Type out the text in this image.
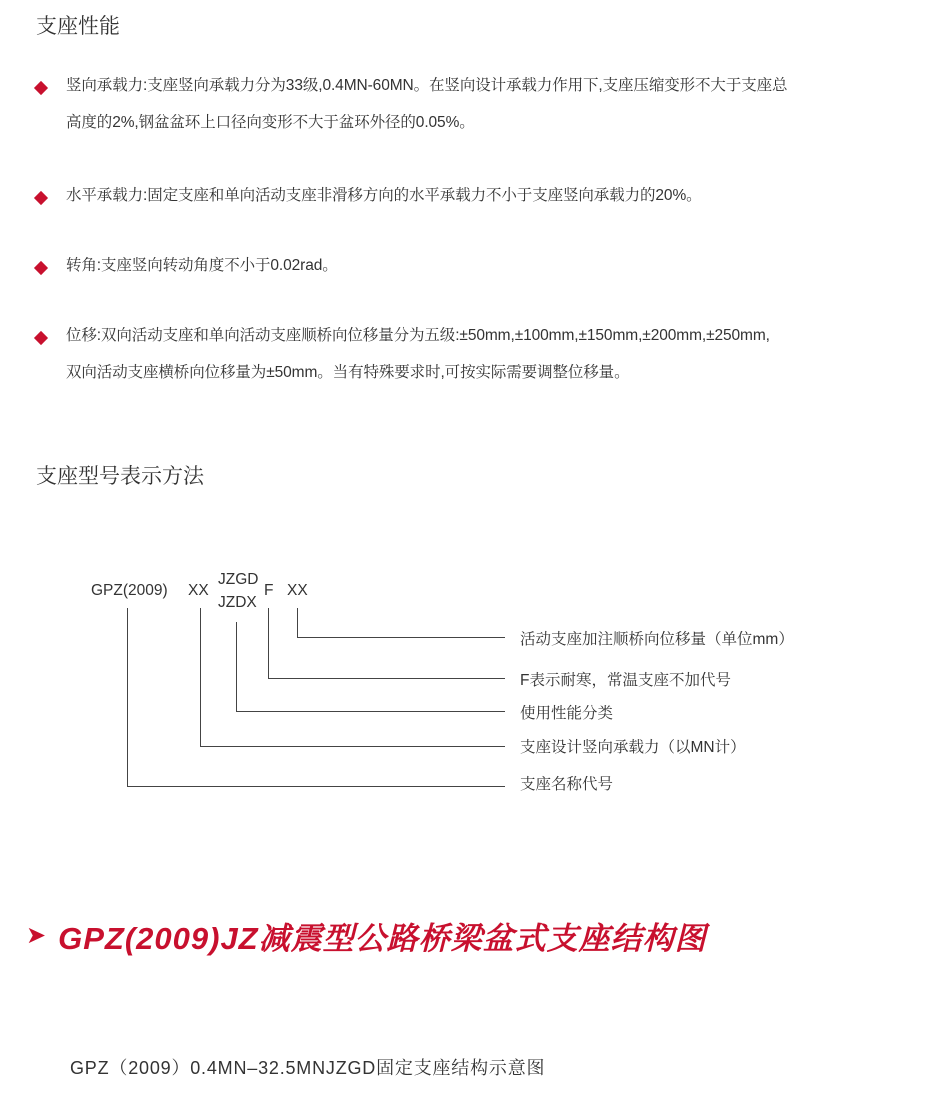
支座性能

竖向承载力:支座竖向承载力分为33级,0.4MN-60MN。在竖向设计承载力作用下,支座压缩变形不大于支座总

高度的2%,钢盆盆环上口径向变形不大于盆环外径的0.05%。

水平承载力:固定支座和单向活动支座非滑移方向的水平承载力不小于支座竖向承载力的20%。

转角:支座竖向转动角度不小于0.02rad。

位移:双向活动支座和单向活动支座顺桥向位移量分为五级:±50mm,±100mm,±150mm,±200mm,±250mm,

双向活动支座横桥向位移量为±50mm。当有特殊要求时,可按实际需要调整位移量。

支座型号表示方法
GPZ(2009) XX
JZGD
JZDX
F XX
活动支座加注顺桥向位移量（单位mm）
F表示耐寒，常温支座不加代号
使用性能分类
支座设计竖向承载力（以MN计）
支座名称代号
➤ GPZ(2009)JZ减震型公路桥梁盆式支座结构图
GPZ（2009）0.4MN–32.5MNJZGD固定支座结构示意图
